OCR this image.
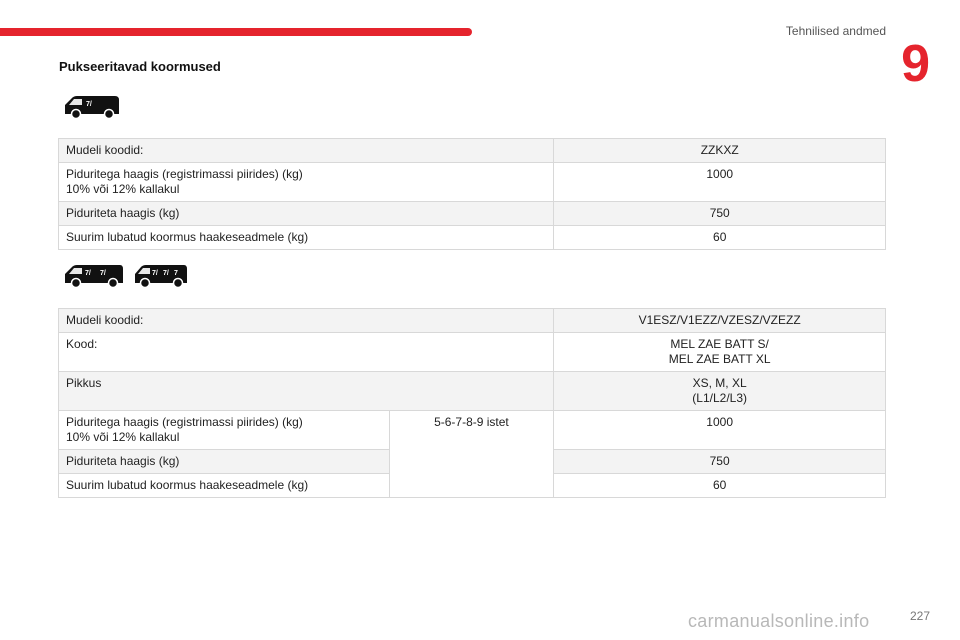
Tehnilised andmed
9
Pukseeritavad koormused
7/
Mudeli koodid:	ZZKXZ

Piduritega haagis (registrimassi piirides) (kg)
10% või 12% kallakul	1000

Piduriteta haagis (kg)	750

Suurim lubatud koormus haakeseadmele (kg)	60
7/ 7/	7/ 7/ 7
Mudeli koodid:		V1ESZ/V1EZZ/VZESZ/VZEZZ
Kood:		MEL ZAE BATT S/
MEL ZAE BATT XL

Pikkus		XS, M, XL
(L1/L2/L3)

Piduritega haagis (registrimassi piirides) (kg)
10% või 12% kallakul	5-6-7-8-9 istet	1000
Piduriteta haagis (kg)		750
Suurim lubatud koormus haakeseadmele (kg)		60
carmanualsonline.info	227
